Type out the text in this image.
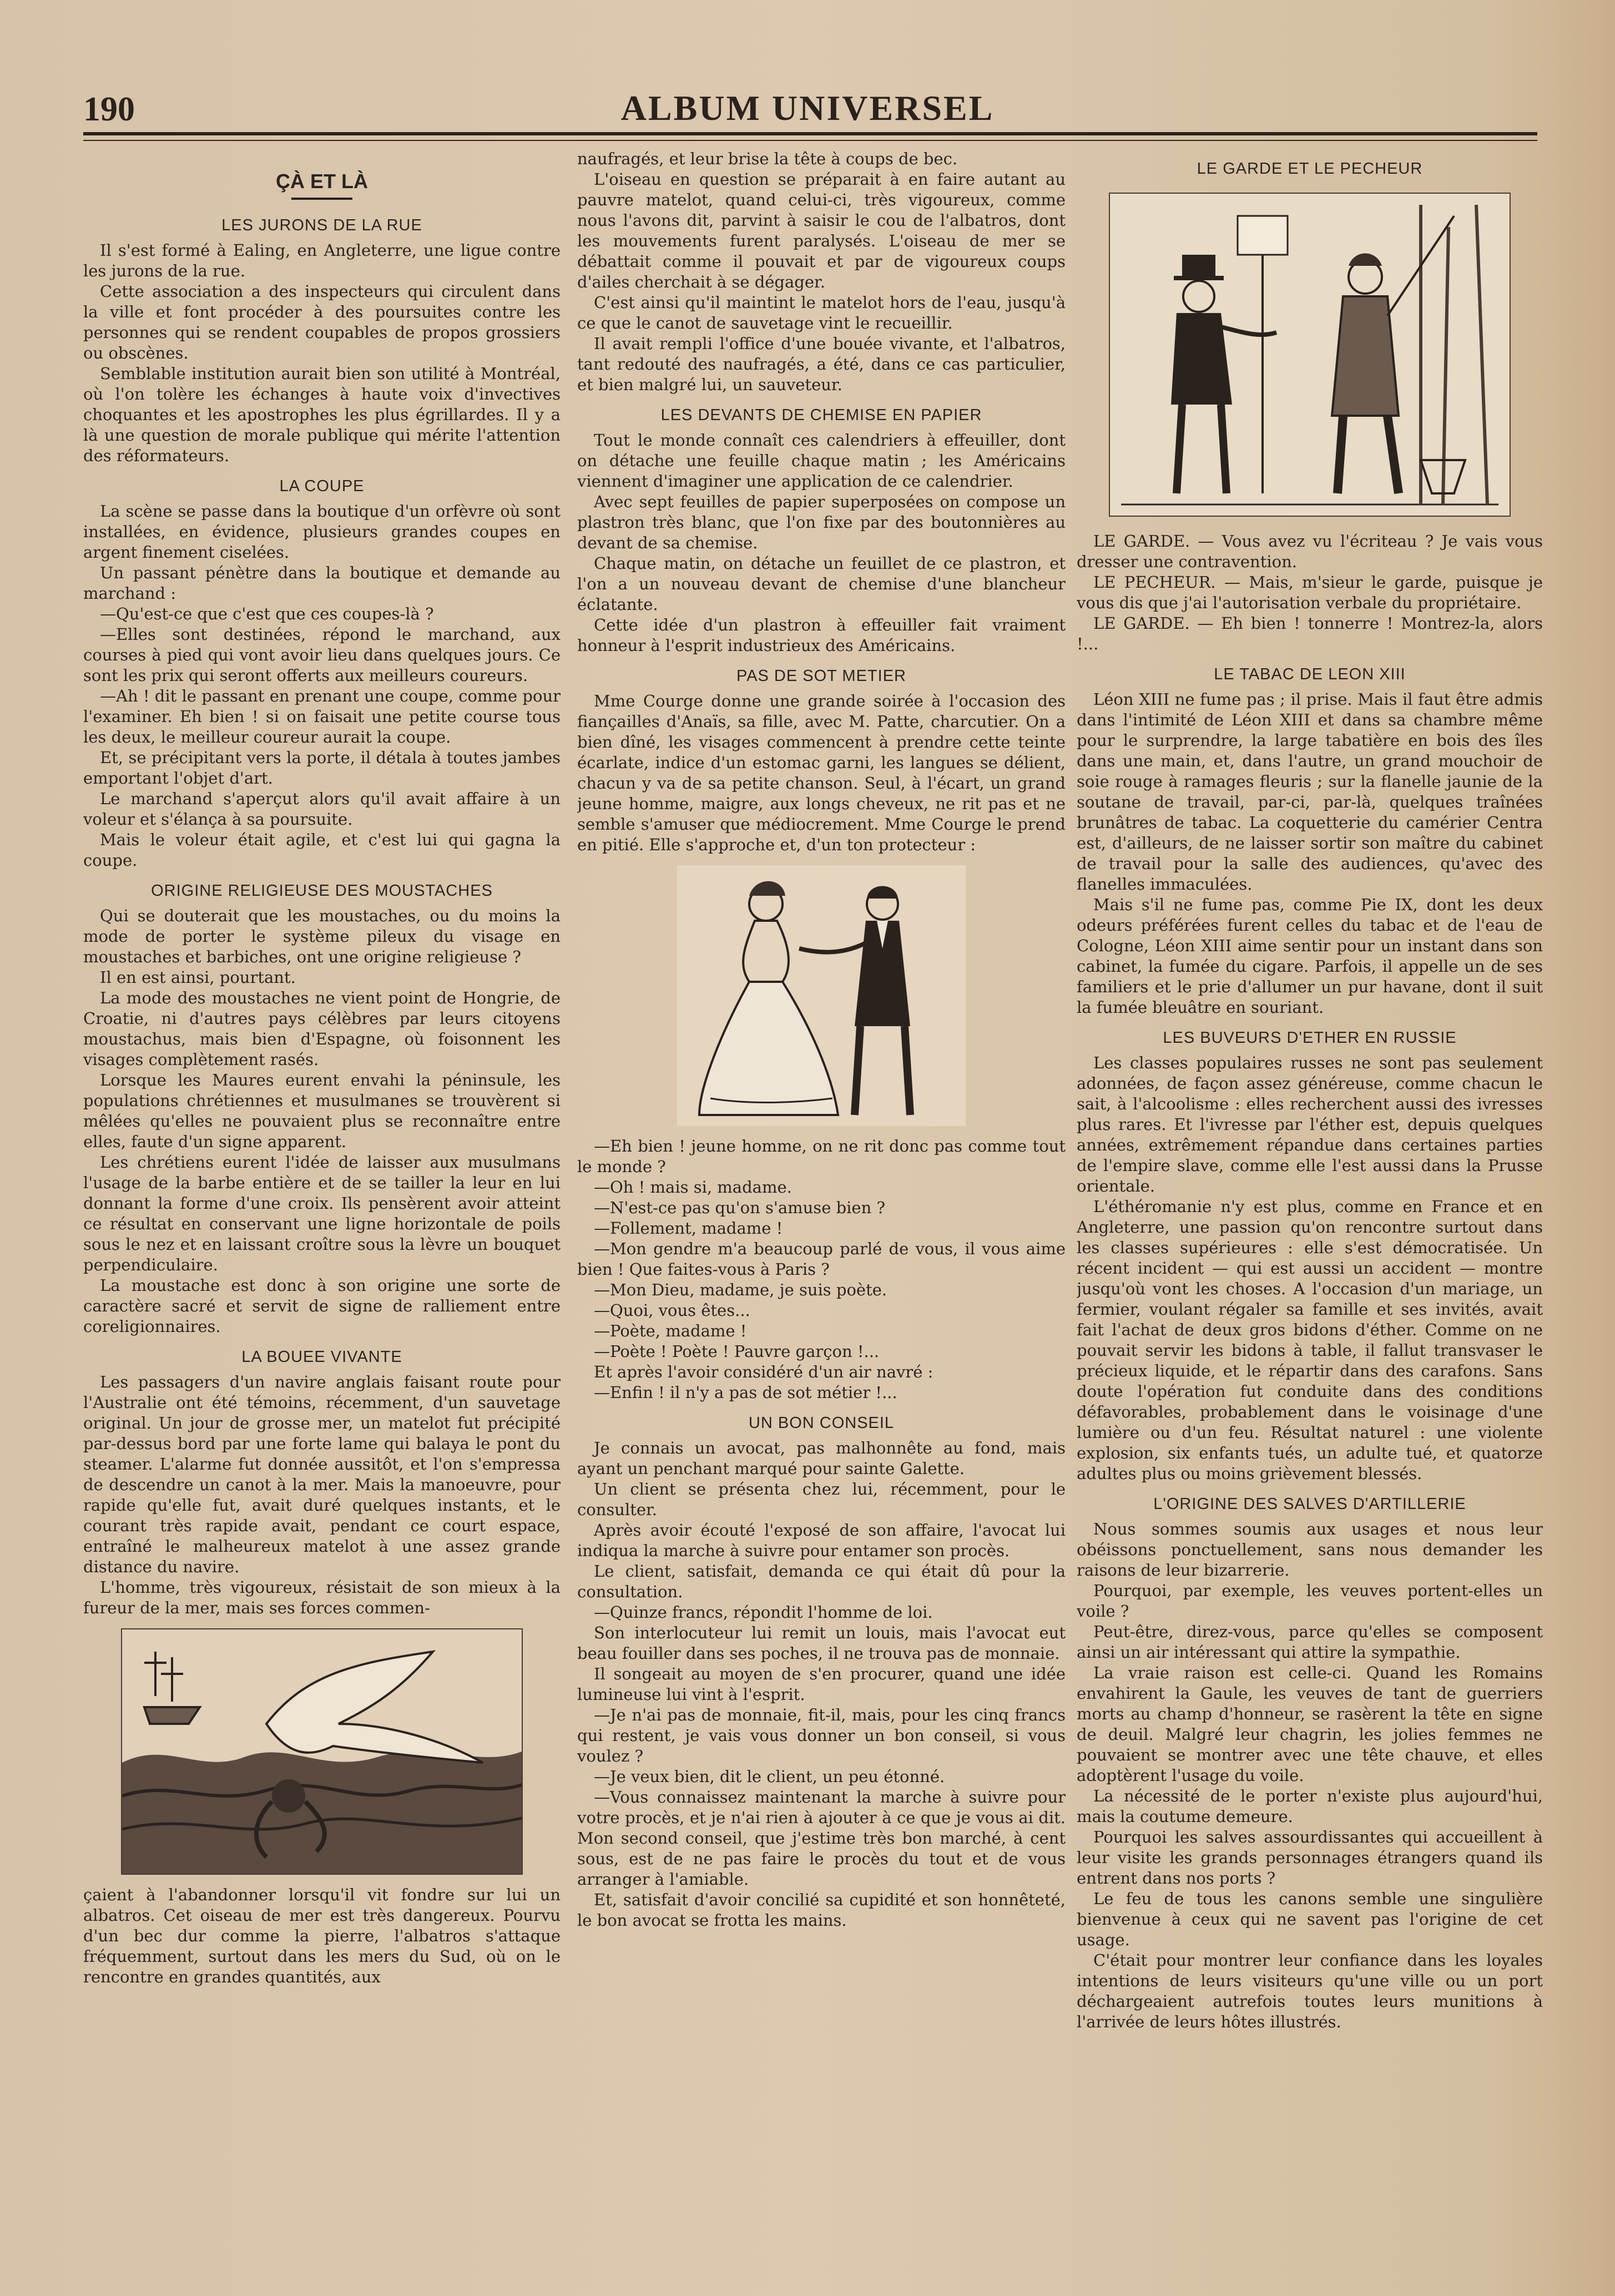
190	ALBUM UNIVERSEL
ÇÀ ET LÀ
LES JURONS DE LA RUE

Il s'est formé à Ealing, en Angleterre, une ligue contre les jurons de la rue.

Cette association a des inspecteurs qui circulent dans la ville et font procéder à des poursuites contre les personnes qui se rendent coupables de propos grossiers ou obscènes.

Semblable institution aurait bien son utilité à Montréal, où l'on tolère les échanges à haute voix d'invectives choquantes et les apostrophes les plus égrillardes. Il y a là une question de morale publique qui mérite l'attention des réformateurs.

LA COUPE

La scène se passe dans la boutique d'un orfèvre où sont installées, en évidence, plusieurs grandes coupes en argent finement ciselées.

Un passant pénètre dans la boutique et demande au marchand :

—Qu'est-ce que c'est que ces coupes-là ?

—Elles sont destinées, répond le marchand, aux courses à pied qui vont avoir lieu dans quelques jours. Ce sont les prix qui seront offerts aux meilleurs coureurs.

—Ah ! dit le passant en prenant une coupe, comme pour l'examiner. Eh bien ! si on faisait une petite course tous les deux, le meilleur coureur aurait la coupe.

Et, se précipitant vers la porte, il détala à toutes jambes emportant l'objet d'art.

Le marchand s'aperçut alors qu'il avait affaire à un voleur et s'élança à sa poursuite.

Mais le voleur était agile, et c'est lui qui gagna la coupe.

ORIGINE RELIGIEUSE DES MOUSTACHES

Qui se douterait que les moustaches, ou du moins la mode de porter le système pileux du visage en moustaches et barbiches, ont une origine religieuse ?

Il en est ainsi, pourtant.

La mode des moustaches ne vient point de Hongrie, de Croatie, ni d'autres pays célèbres par leurs citoyens moustachus, mais bien d'Espagne, où foisonnent les visages complètement rasés.

Lorsque les Maures eurent envahi la péninsule, les populations chrétiennes et musulmanes se trouvèrent si mêlées qu'elles ne pouvaient plus se reconnaître entre elles, faute d'un signe apparent.

Les chrétiens eurent l'idée de laisser aux musulmans l'usage de la barbe entière et de se tailler la leur en lui donnant la forme d'une croix. Ils pensèrent avoir atteint ce résultat en conservant une ligne horizontale de poils sous le nez et en laissant croître sous la lèvre un bouquet perpendiculaire.

La moustache est donc à son origine une sorte de caractère sacré et servit de signe de ralliement entre coreligionnaires.

LA BOUEE VIVANTE

Les passagers d'un navire anglais faisant route pour l'Australie ont été témoins, récemment, d'un sauvetage original. Un jour de grosse mer, un matelot fut précipité par-dessus bord par une forte lame qui balaya le pont du steamer. L'alarme fut donnée aussitôt, et l'on s'empressa de descendre un canot à la mer. Mais la manoeuvre, pour rapide qu'elle fut, avait duré quelques instants, et le courant très rapide avait, pendant ce court espace, entraîné le malheureux matelot à une assez grande distance du navire.

L'homme, très vigoureux, résistait de son mieux à la fureur de la mer, mais ses forces commen-

çaient à l'abandonner lorsqu'il vit fondre sur lui un albatros. Cet oiseau de mer est très dangereux. Pourvu d'un bec dur comme la pierre, l'albatros s'attaque fréquemment, surtout dans les mers du Sud, où on le rencontre en grandes quantités, aux

naufragés, et leur brise la tête à coups de bec.

L'oiseau en question se préparait à en faire autant au pauvre matelot, quand celui-ci, très vigoureux, comme nous l'avons dit, parvint à saisir le cou de l'albatros, dont les mouvements furent paralysés. L'oiseau de mer se débattait comme il pouvait et par de vigoureux coups d'ailes cherchait à se dégager.

C'est ainsi qu'il maintint le matelot hors de l'eau, jusqu'à ce que le canot de sauvetage vint le recueillir.

Il avait rempli l'office d'une bouée vivante, et l'albatros, tant redouté des naufragés, a été, dans ce cas particulier, et bien malgré lui, un sauveteur.

LES DEVANTS DE CHEMISE EN PAPIER

Tout le monde connaît ces calendriers à effeuiller, dont on détache une feuille chaque matin ; les Américains viennent d'imaginer une application de ce calendrier.

Avec sept feuilles de papier superposées on compose un plastron très blanc, que l'on fixe par des boutonnières au devant de sa chemise.

Chaque matin, on détache un feuillet de ce plastron, et l'on a un nouveau devant de chemise d'une blancheur éclatante.

Cette idée d'un plastron à effeuiller fait vraiment honneur à l'esprit industrieux des Américains.

PAS DE SOT METIER

Mme Courge donne une grande soirée à l'occasion des fiançailles d'Anaïs, sa fille, avec M. Patte, charcutier. On a bien dîné, les visages commencent à prendre cette teinte écarlate, indice d'un estomac garni, les langues se délient, chacun y va de sa petite chanson. Seul, à l'écart, un grand jeune homme, maigre, aux longs cheveux, ne rit pas et ne semble s'amuser que médiocrement. Mme Courge le prend en pitié. Elle s'approche et, d'un ton protecteur :

—Eh bien ! jeune homme, on ne rit donc pas comme tout le monde ?

—Oh ! mais si, madame.

—N'est-ce pas qu'on s'amuse bien ?

—Follement, madame !

—Mon gendre m'a beaucoup parlé de vous, il vous aime bien ! Que faites-vous à Paris ?

—Mon Dieu, madame, je suis poète.

—Quoi, vous êtes...

—Poète, madame !

—Poète ! Poète ! Pauvre garçon !...

Et après l'avoir considéré d'un air navré :

—Enfin ! il n'y a pas de sot métier !...

UN BON CONSEIL

Je connais un avocat, pas malhonnête au fond, mais ayant un penchant marqué pour sainte Galette.

Un client se présenta chez lui, récemment, pour le consulter.

Après avoir écouté l'exposé de son affaire, l'avocat lui indiqua la marche à suivre pour entamer son procès.

Le client, satisfait, demanda ce qui était dû pour la consultation.

—Quinze francs, répondit l'homme de loi.

Son interlocuteur lui remit un louis, mais l'avocat eut beau fouiller dans ses poches, il ne trouva pas de monnaie.

Il songeait au moyen de s'en procurer, quand une idée lumineuse lui vint à l'esprit.

—Je n'ai pas de monnaie, fit-il, mais, pour les cinq francs qui restent, je vais vous donner un bon conseil, si vous voulez ?

—Je veux bien, dit le client, un peu étonné.

—Vous connaissez maintenant la marche à suivre pour votre procès, et je n'ai rien à ajouter à ce que je vous ai dit. Mon second conseil, que j'estime très bon marché, à cent sous, est de ne pas faire le procès du tout et de vous arranger à l'amiable.

Et, satisfait d'avoir concilié sa cupidité et son honnêteté, le bon avocat se frotta les mains.

LE GARDE ET LE PECHEUR

LE GARDE. — Vous avez vu l'écriteau ? Je vais vous dresser une contravention.

LE PECHEUR. — Mais, m'sieur le garde, puisque je vous dis que j'ai l'autorisation verbale du propriétaire.

LE GARDE. — Eh bien ! tonnerre ! Montrez-la, alors !...

LE TABAC DE LEON XIII

Léon XIII ne fume pas ; il prise. Mais il faut être admis dans l'intimité de Léon XIII et dans sa chambre même pour le surprendre, la large tabatière en bois des îles dans une main, et, dans l'autre, un grand mouchoir de soie rouge à ramages fleuris ; sur la flanelle jaunie de la soutane de travail, par-ci, par-là, quelques traînées brunâtres de tabac. La coquetterie du camérier Centra est, d'ailleurs, de ne laisser sortir son maître du cabinet de travail pour la salle des audiences, qu'avec des flanelles immaculées.

Mais s'il ne fume pas, comme Pie IX, dont les deux odeurs préférées furent celles du tabac et de l'eau de Cologne, Léon XIII aime sentir pour un instant dans son cabinet, la fumée du cigare. Parfois, il appelle un de ses familiers et le prie d'allumer un pur havane, dont il suit la fumée bleuâtre en souriant.

LES BUVEURS D'ETHER EN RUSSIE

Les classes populaires russes ne sont pas seulement adonnées, de façon assez généreuse, comme chacun le sait, à l'alcoolisme : elles recherchent aussi des ivresses plus rares. Et l'ivresse par l'éther est, depuis quelques années, extrêmement répandue dans certaines parties de l'empire slave, comme elle l'est aussi dans la Prusse orientale.

L'éthéromanie n'y est plus, comme en France et en Angleterre, une passion qu'on rencontre surtout dans les classes supérieures : elle s'est démocratisée. Un récent incident — qui est aussi un accident — montre jusqu'où vont les choses. A l'occasion d'un mariage, un fermier, voulant régaler sa famille et ses invités, avait fait l'achat de deux gros bidons d'éther. Comme on ne pouvait servir les bidons à table, il fallut transvaser le précieux liquide, et le répartir dans des carafons. Sans doute l'opération fut conduite dans des conditions défavorables, probablement dans le voisinage d'une lumière ou d'un feu. Résultat naturel : une violente explosion, six enfants tués, un adulte tué, et quatorze adultes plus ou moins grièvement blessés.

L'ORIGINE DES SALVES D'ARTILLERIE

Nous sommes soumis aux usages et nous leur obéissons ponctuellement, sans nous demander les raisons de leur bizarrerie.

Pourquoi, par exemple, les veuves portent-elles un voile ?

Peut-être, direz-vous, parce qu'elles se composent ainsi un air intéressant qui attire la sympathie.

La vraie raison est celle-ci. Quand les Romains envahirent la Gaule, les veuves de tant de guerriers morts au champ d'honneur, se rasèrent la tête en signe de deuil. Malgré leur chagrin, les jolies femmes ne pouvaient se montrer avec une tête chauve, et elles adoptèrent l'usage du voile.

La nécessité de le porter n'existe plus aujourd'hui, mais la coutume demeure.

Pourquoi les salves assourdissantes qui accueillent à leur visite les grands personnages étrangers quand ils entrent dans nos ports ?

Le feu de tous les canons semble une singulière bienvenue à ceux qui ne savent pas l'origine de cet usage.

C'était pour montrer leur confiance dans les loyales intentions de leurs visiteurs qu'une ville ou un port déchargeaient autrefois toutes leurs munitions à l'arrivée de leurs hôtes illustrés.
